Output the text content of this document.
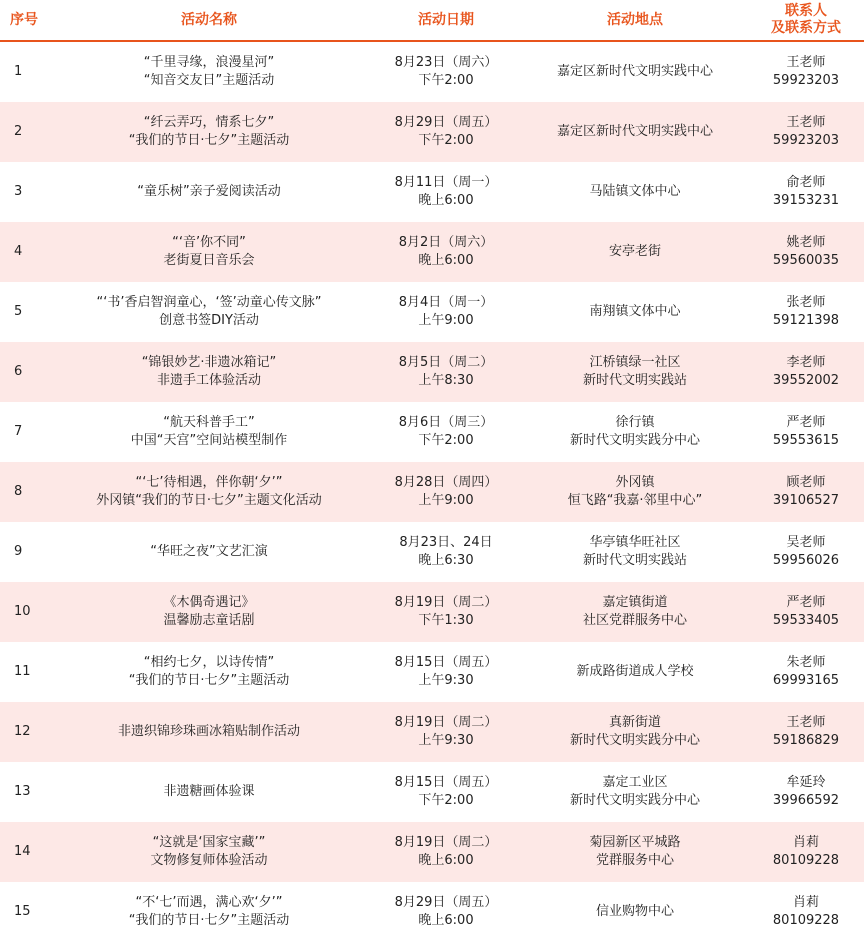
序号	活动名称	活动日期	活动地点	联系人
及联系方式

1	“千里寻缘，浪漫星河”
“知音交友日”主题活动	8月23日（周六）
下午2:00	嘉定区新时代文明实践中心	王老师
59923203

2	“纤云弄巧，情系七夕”
“我们的节日·七夕”主题活动	8月29日（周五）
下午2:00	嘉定区新时代文明实践中心	王老师
59923203

3	“童乐树”亲子爱阅读活动	8月11日（周一）
晚上6:00	马陆镇文体中心	俞老师
39153231

4	“‘音’你不同”
老街夏日音乐会	8月2日（周六）
晚上6:00	安亭老街	姚老师
59560035

5	“‘书’香启智润童心，‘签’动童心传文脉”
创意书签DIY活动	8月4日（周一）
上午9:00	南翔镇文体中心	张老师
59121398

6	“锦银妙艺·非遗冰箱记”
非遗手工体验活动	8月5日（周二）
上午8:30	江桥镇绿一社区
新时代文明实践站	李老师
39552002

7	“航天科普手工”
中国“天宫”空间站模型制作	8月6日（周三）
下午2:00	徐行镇
新时代文明实践分中心	严老师
59553615

8	“‘七’待相遇，伴你朝‘夕’”
外冈镇“我们的节日·七夕”主题文化活动	8月28日（周四）
上午9:00	外冈镇
恒飞路“我嘉·邻里中心”	顾老师
39106527

9	“华旺之夜”文艺汇演	8月23日、24日
晚上6:30	华亭镇华旺社区
新时代文明实践站	吴老师
59956026

10	《木偶奇遇记》
温馨励志童话剧	8月19日（周二）
下午1:30	嘉定镇街道
社区党群服务中心	严老师
59533405

11	“相约七夕，以诗传情”
“我们的节日·七夕”主题活动	8月15日（周五）
上午9:30	新成路街道成人学校	朱老师
69993165

12	非遗织锦珍珠画冰箱贴制作活动	8月19日（周二）
上午9:30	真新街道
新时代文明实践分中心	王老师
59186829

13	非遗糖画体验课	8月15日（周五）
下午2:00	嘉定工业区
新时代文明实践分中心	牟延玲
39966592

14	“这就是‘国家宝藏’”
文物修复师体验活动	8月19日（周二）
晚上6:00	菊园新区平城路
党群服务中心	肖莉
80109228

15	“不‘七’而遇，满心欢‘夕’”
“我们的节日·七夕”主题活动	8月29日（周五）
晚上6:00	信业购物中心	肖莉
80109228
